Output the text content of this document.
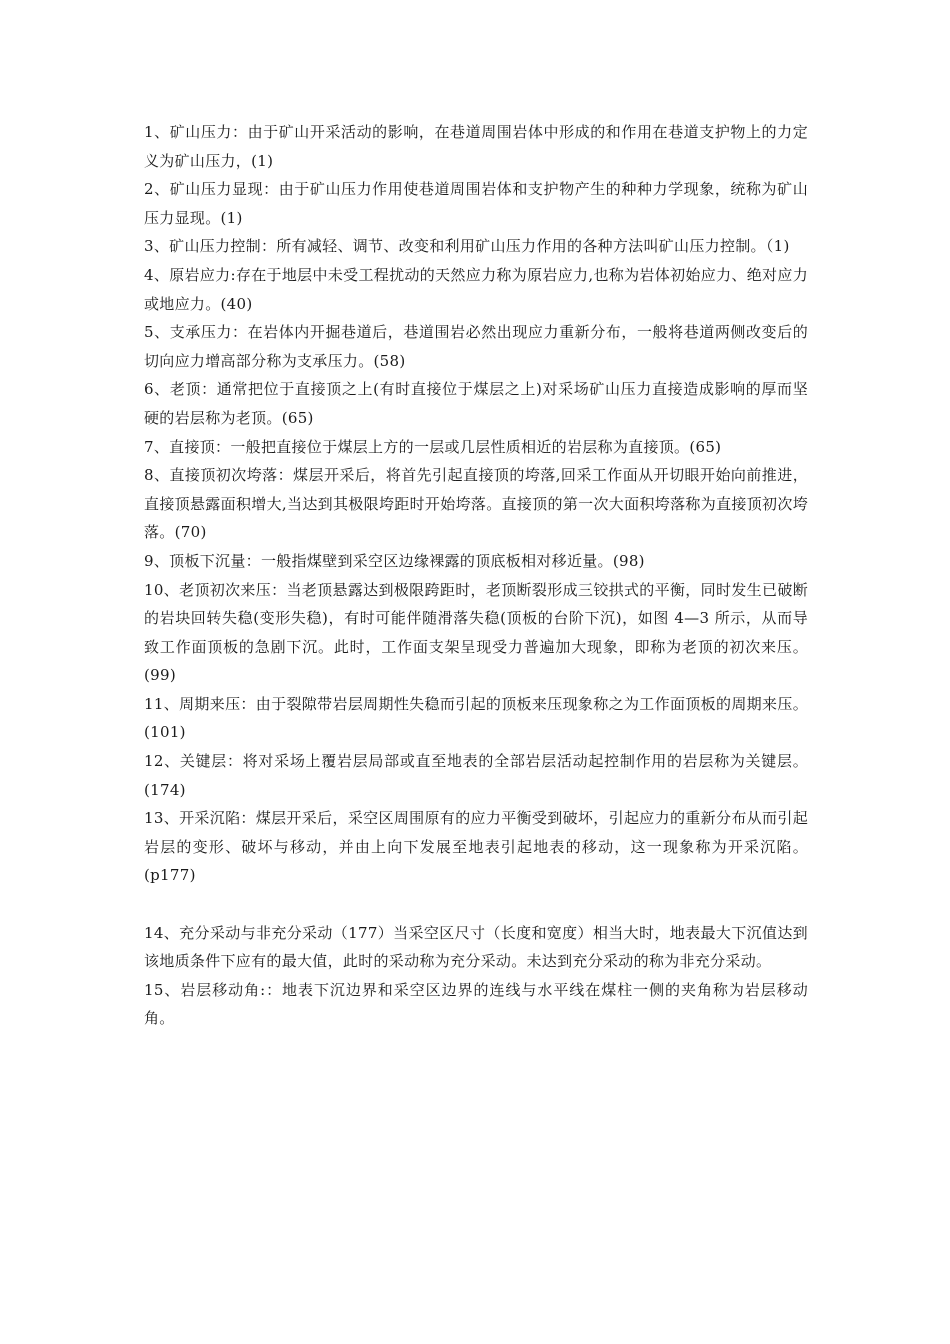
1、矿山压力：由于矿山开采活动的影响，在巷道周围岩体中形成的和作用在巷道支护物上的力定义为矿山压力，(1)

2、矿山压力显现：由于矿山压力作用使巷道周围岩体和支护物产生的种种力学现象，统称为矿山压力显现。(1)

3、矿山压力控制：所有减轻、调节、改变和利用矿山压力作用的各种方法叫矿山压力控制。（1)

4、原岩应力:存在于地层中未受工程扰动的天然应力称为原岩应力,也称为岩体初始应力、绝对应力或地应力。(40)

5、支承压力：在岩体内开掘巷道后，巷道围岩必然出现应力重新分布，一般将巷道两侧改变后的切向应力增高部分称为支承压力。(58)

6、老顶：通常把位于直接顶之上(有时直接位于煤层之上)对采场矿山压力直接造成影响的厚而坚硬的岩层称为老顶。(65)

7、直接顶：一般把直接位于煤层上方的一层或几层性质相近的岩层称为直接顶。(65)

8、直接顶初次垮落：煤层开采后，将首先引起直接顶的垮落,回采工作面从开切眼开始向前推进，直接顶悬露面积增大,当达到其极限垮距时开始垮落。直接顶的第一次大面积垮落称为直接顶初次垮落。(70)

9、顶板下沉量：一般指煤壁到采空区边缘裸露的顶底板相对移近量。(98)

10、老顶初次来压：当老顶悬露达到极限跨距时，老顶断裂形成三铰拱式的平衡，同时发生已破断的岩块回转失稳(变形失稳)，有时可能伴随滑落失稳(顶板的台阶下沉)，如图 4—3 所示，从而导致工作面顶板的急剧下沉。此时，工作面支架呈现受力普遍加大现象，即称为老顶的初次来压。(99)

11、周期来压：由于裂隙带岩层周期性失稳而引起的顶板来压现象称之为工作面顶板的周期来压。(101)

12、关键层：将对采场上覆岩层局部或直至地表的全部岩层活动起控制作用的岩层称为关键层。(174)

13、开采沉陷：煤层开采后，采空区周围原有的应力平衡受到破坏，引起应力的重新分布从而引起岩层的变形、破坏与移动，并由上向下发展至地表引起地表的移动，这一现象称为开采沉陷。 (p177)

14、充分采动与非充分采动（177）当采空区尺寸（长度和宽度）相当大时，地表最大下沉值达到该地质条件下应有的最大值，此时的采动称为充分采动。未达到充分采动的称为非充分采动。

15、岩层移动角:：地表下沉边界和采空区边界的连线与水平线在煤柱一侧的夹角称为岩层移动角。
